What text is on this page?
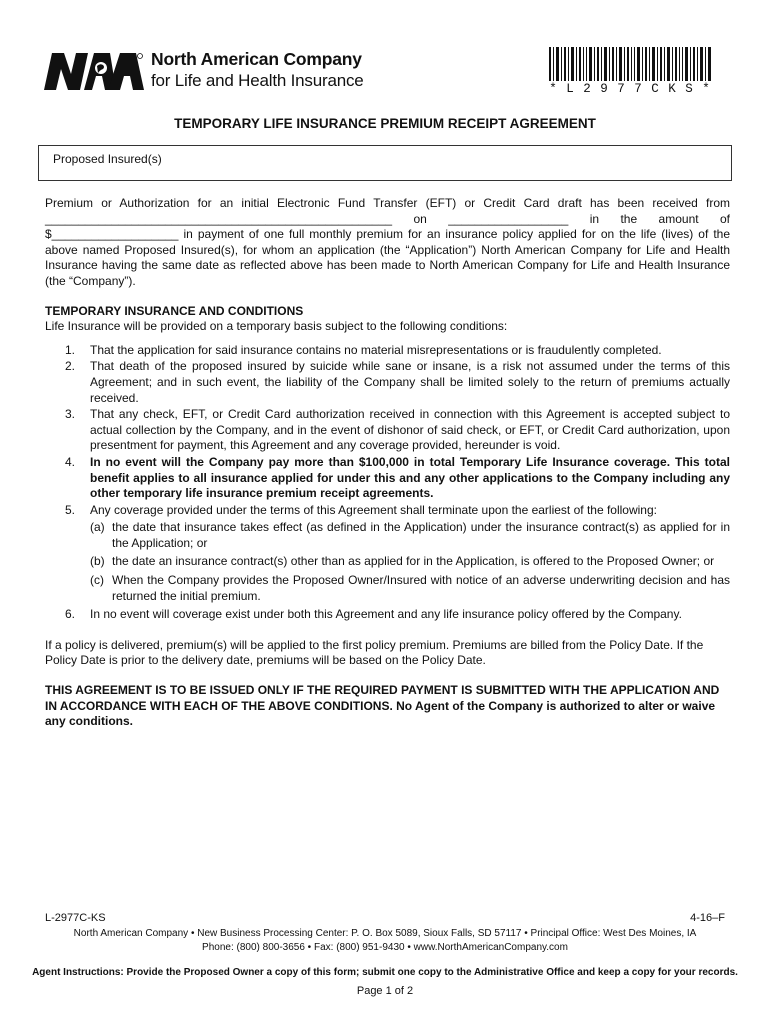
North American Company
for Life and Health Insurance	* L 2 9 7 7 C K S *
TEMPORARY LIFE INSURANCE PREMIUM RECEIPT AGREEMENT
Proposed Insured(s)

Premium or Authorization for an initial Electronic Fund Transfer (EFT) or Credit Card draft has been received from ____________________________________________________ on __________________ in the amount of $___________________ in payment of one full monthly premium for an insurance policy applied for on the life (lives) of the above named Proposed Insured(s), for whom an application (the “Application”) North American Company for Life and Health Insurance having the same date as reflected above has been made to North American Company for Life and Health Insurance (the “Company”).

TEMPORARY INSURANCE AND CONDITIONS
Life Insurance will be provided on a temporary basis subject to the following conditions:
1. That the application for said insurance contains no material misrepresentations or is fraudulently completed.
2. That death of the proposed insured by suicide while sane or insane, is a risk not assumed under the terms of this Agreement; and in such event, the liability of the Company shall be limited solely to the return of premiums actually received.
3. That any check, EFT, or Credit Card authorization received in connection with this Agreement is accepted subject to actual collection by the Company, and in the event of dishonor of said check, or EFT, or Credit Card authorization, upon presentment for payment, this Agreement and any coverage provided, hereunder is void.
4. In no event will the Company pay more than $100,000 in total Temporary Life Insurance coverage. This total benefit applies to all insurance applied for under this and any other applications to the Company including any other temporary life insurance premium receipt agreements.
5. Any coverage provided under the terms of this Agreement shall terminate upon the earliest of the following:
(a) the date that insurance takes effect (as defined in the Application) under the insurance contract(s) as applied for in the Application; or
(b) the date an insurance contract(s) other than as applied for in the Application, is offered to the Proposed Owner; or
(c) When the Company provides the Proposed Owner/Insured with notice of an adverse underwriting decision and has returned the initial premium.
6. In no event will coverage exist under both this Agreement and any life insurance policy offered by the Company.

If a policy is delivered, premium(s) will be applied to the first policy premium. Premiums are billed from the Policy Date. If the Policy Date is prior to the delivery date, premiums will be based on the Policy Date.

THIS AGREEMENT IS TO BE ISSUED ONLY IF THE REQUIRED PAYMENT IS SUBMITTED WITH THE APPLICATION AND IN ACCORDANCE WITH EACH OF THE ABOVE CONDITIONS. No Agent of the Company is authorized to alter or waive any conditions.

L-2977C-KS	4-16–F
North American Company • New Business Processing Center: P. O. Box 5089, Sioux Falls, SD 57117 • Principal Office: West Des Moines, IA
Phone: (800) 800-3656 • Fax: (800) 951-9430 • www.NorthAmericanCompany.com
Agent Instructions: Provide the Proposed Owner a copy of this form; submit one copy to the Administrative Office and keep a copy for your records.
Page 1 of 2
